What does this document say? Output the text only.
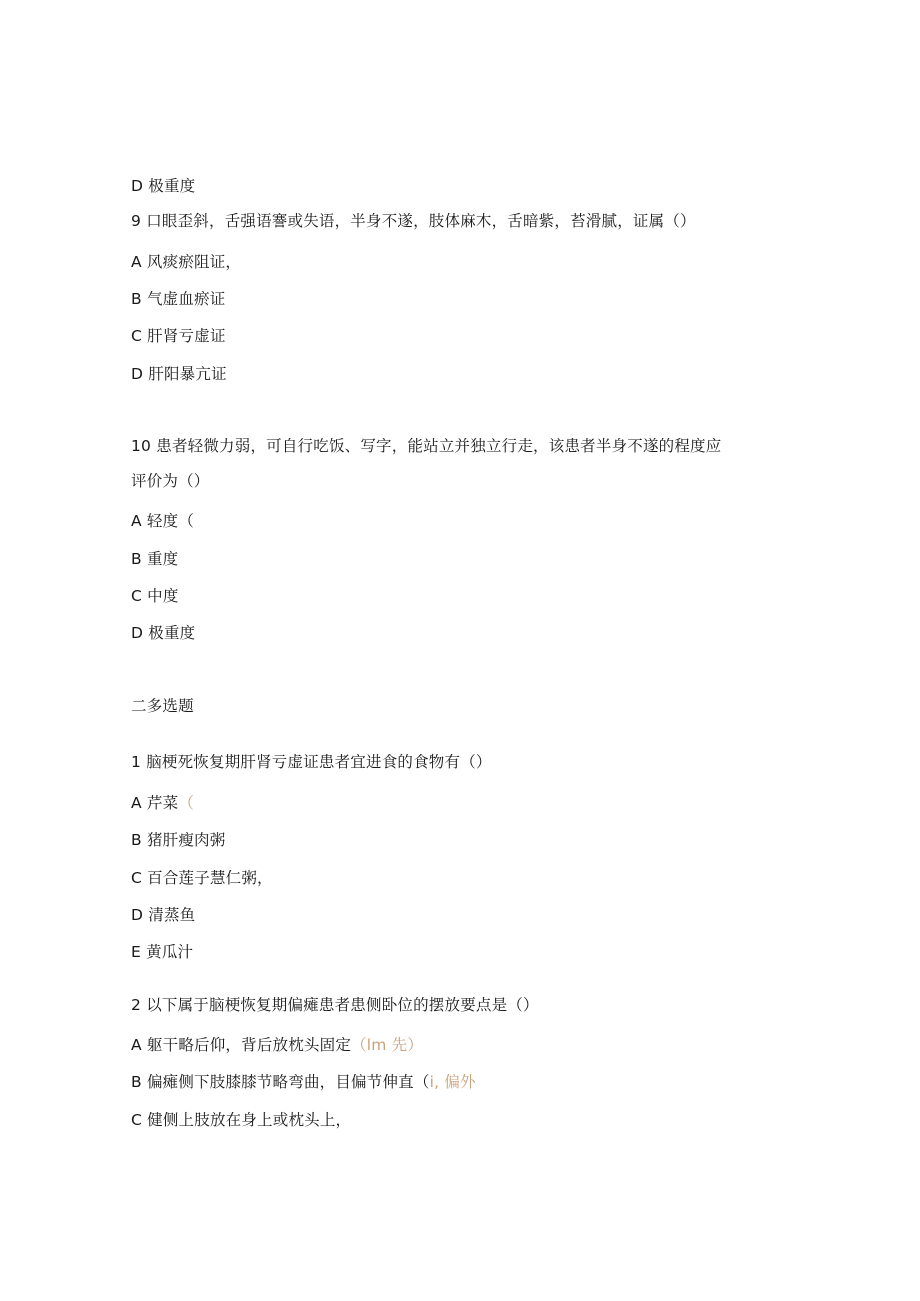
D 极重度
9 口眼歪斜，舌强语謇或失语，半身不遂，肢体麻木，舌暗紫，苔滑腻，证属（）
A 风痰瘀阻证，
B 气虚血瘀证
C 肝肾亏虚证
D 肝阳暴亢证
10 患者轻微力弱，可自行吃饭、写字，能站立并独立行走，该患者半身不遂的程度应
评价为（）
A 轻度（
B 重度
C 中度
D 极重度
二多选题
1 脑梗死恢复期肝肾亏虚证患者宜进食的食物有（）
A 芹菜（
B 猪肝瘦肉粥
C 百合莲子慧仁粥，
D 清蒸鱼
E 黄瓜汁
2 以下属于脑梗恢复期偏瘫患者患侧卧位的摆放要点是（）
A 躯干略后仰，背后放枕头固定（lm 先）
B 偏瘫侧下肢膝膝节略弯曲，目偏节伸直（i, 偏外
C 健侧上肢放在身上或枕头上，
